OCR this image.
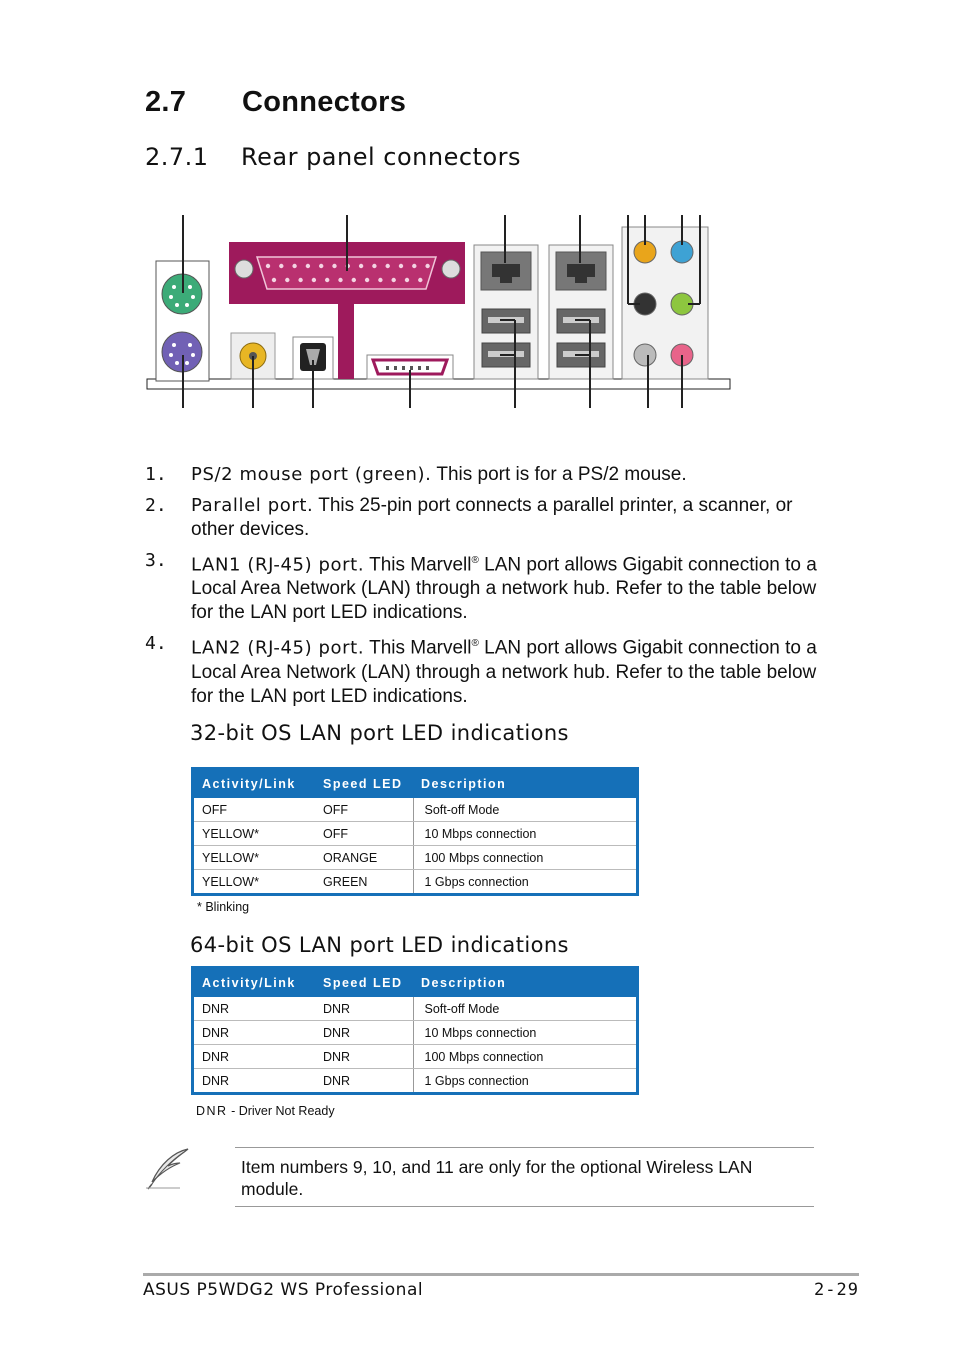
2.7 Connectors
2.7.1 Rear panel connectors
1. PS/2 mouse port (green). This port is for a PS/2 mouse.
2. Parallel port. This 25-pin port connects a parallel printer, a scanner, or other devices.
3. LAN1 (RJ-45) port. This Marvell® LAN port allows Gigabit connection to a Local Area Network (LAN) through a network hub. Refer to the table below for the LAN port LED indications.
4. LAN2 (RJ-45) port. This Marvell® LAN port allows Gigabit connection to a Local Area Network (LAN) through a network hub. Refer to the table below for the LAN port LED indications.
32-bit OS LAN port LED indications
Activity/Link	Speed LED	Description
OFF	OFF	Soft-off Mode
YELLOW*	OFF	10 Mbps connection
YELLOW*	ORANGE	100 Mbps connection
YELLOW*	GREEN	1 Gbps connection
* Blinking
64-bit OS LAN port LED indications
Activity/Link	Speed LED	Description
DNR	DNR	Soft-off Mode
DNR	DNR	10 Mbps connection
DNR	DNR	100 Mbps connection
DNR	DNR	1 Gbps connection
DNR - Driver Not Ready
Item numbers 9, 10, and 11 are only for the optional Wireless LAN module.
ASUS P5WDG2 WS Professional	2-29
